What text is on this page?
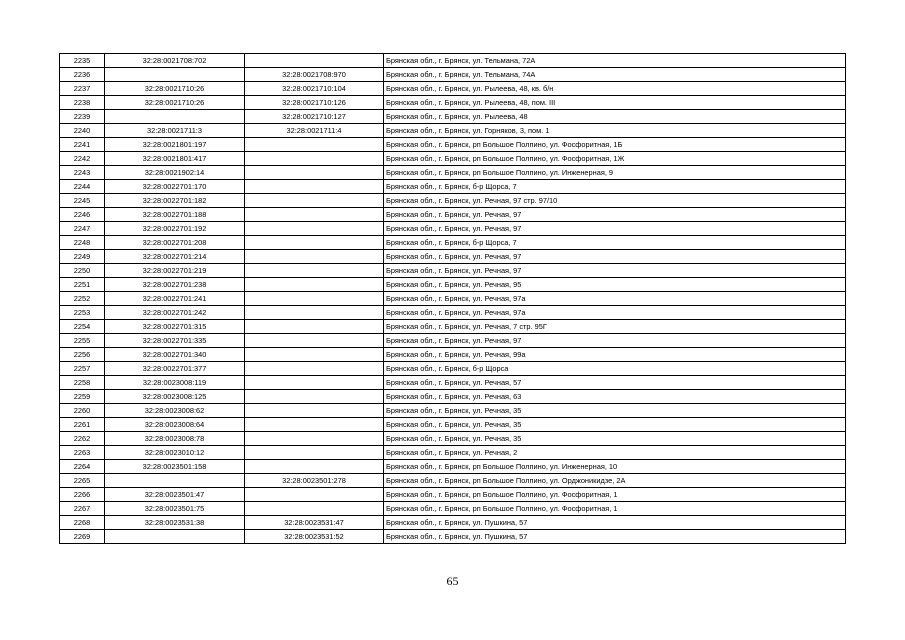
2235	32:28:0021708:702		Брянская обл., г. Брянск, ул. Тельмана, 72А
2236		32:28:0021708:970	Брянская обл., г. Брянск, ул. Тельмана, 74А
2237	32:28:0021710:26	32:28:0021710:104	Брянская обл., г. Брянск, ул. Рылеева, 48, кв. б/н
2238	32:28:0021710:26	32:28:0021710:126	Брянская обл., г. Брянск, ул. Рылеева, 48, пом. III
2239		32:28:0021710:127	Брянская обл., г. Брянск, ул. Рылеева, 48
2240	32:28:0021711:3	32:28:0021711:4	Брянская обл., г. Брянск, ул. Горняков, 3, пом. 1
2241	32:28:0021801:197		Брянская обл., г. Брянск, рп Большое Полпино, ул. Фосфоритная, 1Б
2242	32:28:0021801:417		Брянская обл., г. Брянск, рп Большое Полпино, ул. Фосфоритная, 1Ж
2243	32:28:0021902:14		Брянская обл., г. Брянск, рп Большое Полпино, ул. Инженерная, 9
2244	32:28:0022701:170		Брянская обл., г. Брянск, б-р Щорса, 7
2245	32:28:0022701:182		Брянская обл., г. Брянск, ул. Речная, 97 стр. 97/10
2246	32:28:0022701:188		Брянская обл., г. Брянск, ул. Речная, 97
2247	32:28:0022701:192		Брянская обл., г. Брянск, ул. Речная, 97
2248	32:28:0022701:208		Брянская обл., г. Брянск, б-р Щорса, 7
2249	32:28:0022701:214		Брянская обл., г. Брянск, ул. Речная, 97
2250	32:28:0022701:219		Брянская обл., г. Брянск, ул. Речная, 97
2251	32:28:0022701:238		Брянская обл., г. Брянск, ул. Речная, 95
2252	32:28:0022701:241		Брянская обл., г. Брянск, ул. Речная, 97а
2253	32:28:0022701:242		Брянская обл., г. Брянск, ул. Речная, 97а
2254	32:28:0022701:315		Брянская обл., г. Брянск, ул. Речная, 7 стр. 95Г
2255	32:28:0022701:335		Брянская обл., г. Брянск, ул. Речная, 97
2256	32:28:0022701:340		Брянская обл., г. Брянск, ул. Речная, 99а
2257	32:28:0022701:377		Брянская обл., г. Брянск, б-р Щорса
2258	32:28:0023008:119		Брянская обл., г. Брянск, ул. Речная, 57
2259	32:28:0023008:125		Брянская обл., г. Брянск, ул. Речная, 63
2260	32:28:0023008:62		Брянская обл., г. Брянск, ул. Речная, 35
2261	32:28:0023008:64		Брянская обл., г. Брянск, ул. Речная, 35
2262	32:28:0023008:78		Брянская обл., г. Брянск, ул. Речная, 35
2263	32:28:0023010:12		Брянская обл., г. Брянск, ул. Речная, 2
2264	32:28:0023501:158		Брянская обл., г. Брянск, рп Большое Полпино, ул. Инженерная, 10
2265		32:28:0023501:278	Брянская обл., г. Брянск, рп Большое Полпино, ул. Орджоникидзе, 2А
2266	32:28:0023501:47		Брянская обл., г. Брянск, рп Большое Полпино, ул. Фосфоритная, 1
2267	32:28:0023501:75		Брянская обл., г. Брянск, рп Большое Полпино, ул. Фосфоритная, 1
2268	32:28:0023531:38	32:28:0023531:47	Брянская обл., г. Брянск, ул. Пушкина, 57
2269		32:28:0023531:52	Брянская обл., г. Брянск, ул. Пушкина, 57
65
